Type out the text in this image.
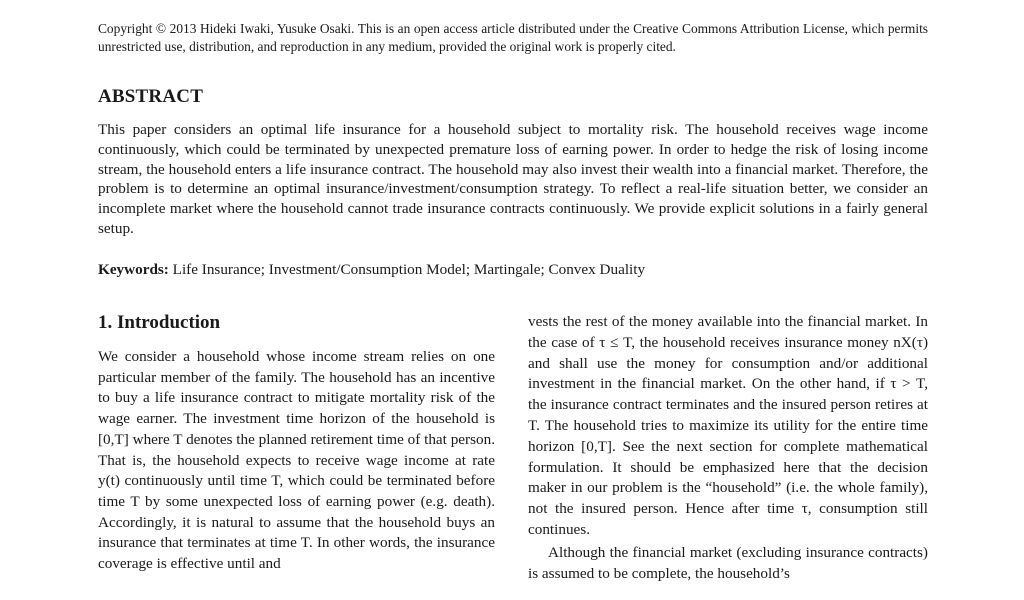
Copyright © 2013 Hideki Iwaki, Yusuke Osaki. This is an open access article distributed under the Creative Commons Attribution License, which permits unrestricted use, distribution, and reproduction in any medium, provided the original work is properly cited.
ABSTRACT
This paper considers an optimal life insurance for a household subject to mortality risk. The household receives wage income continuously, which could be terminated by unexpected premature loss of earning power. In order to hedge the risk of losing income stream, the household enters a life insurance contract. The household may also invest their wealth into a financial market. Therefore, the problem is to determine an optimal insurance/investment/consumption strategy. To reflect a real-life situation better, we consider an incomplete market where the household cannot trade insurance contracts continuously. We provide explicit solutions in a fairly general setup.
Keywords: Life Insurance; Investment/Consumption Model; Martingale; Convex Duality
1. Introduction

We consider a household whose income stream relies on one particular member of the family. The household has an incentive to buy a life insurance contract to mitigate mortality risk of the wage earner. The investment time horizon of the household is [0,T] where T denotes the planned retirement time of that person. That is, the household expects to receive wage income at rate y(t) continuously until time T, which could be terminated before time T by some unexpected loss of earning power (e.g. death). Accordingly, it is natural to assume that the household buys an insurance that terminates at time T. In other words, the insurance coverage is effective until and

vests the rest of the money available into the financial market. In the case of τ ≤ T, the household receives insurance money nX(τ) and shall use the money for consumption and/or additional investment in the financial market. On the other hand, if τ > T, the insurance contract terminates and the insured person retires at T. The household tries to maximize its utility for the entire time horizon [0,T]. See the next section for complete mathematical formulation. It should be emphasized here that the decision maker in our problem is the “household” (i.e. the whole family), not the insured person. Hence after time τ, consumption still continues.

Although the financial market (excluding insurance contracts) is assumed to be complete, the household’s
